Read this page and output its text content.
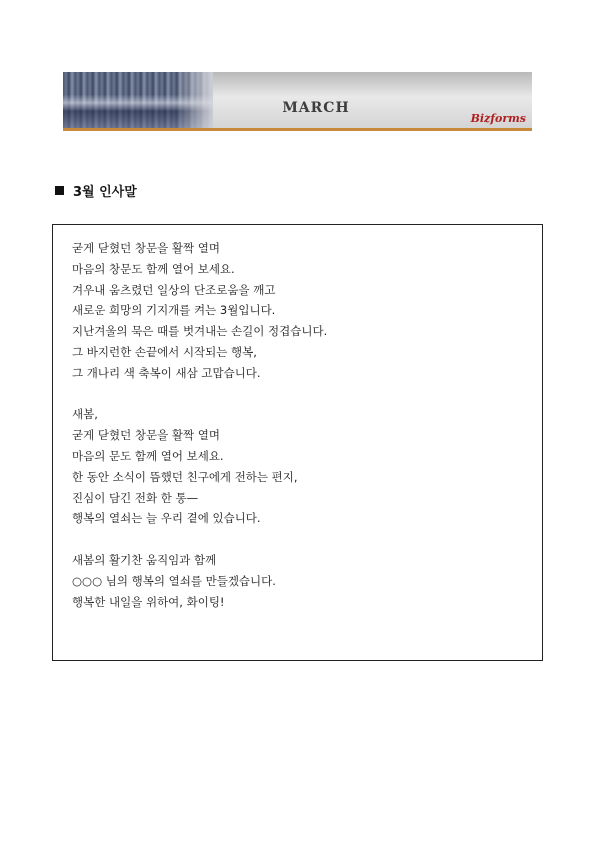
MARCH
Bizforms
3월 인사말
굳게 닫혔던 창문을 활짝 열며
마음의 창문도 함께 열어 보세요.
겨우내 움츠렸던 일상의 단조로움을 깨고
새로운 희망의 기지개를 켜는 3월입니다.
지난겨울의 묵은 때를 벗겨내는 손길이 정겹습니다.
그 바지런한 손끝에서 시작되는 행복,
그 개나리 색 축복이 새삼 고맙습니다.
새봄,
굳게 닫혔던 창문을 활짝 열며
마음의 문도 함께 열어 보세요.
한 동안 소식이 뜸했던 친구에게 전하는 편지,
진심이 담긴 전화 한 통—
행복의 열쇠는 늘 우리 곁에 있습니다.
새봄의 활기찬 움직임과 함께
○○○ 님의 행복의 열쇠를 만들겠습니다.
행복한 내일을 위하여, 화이팅!
